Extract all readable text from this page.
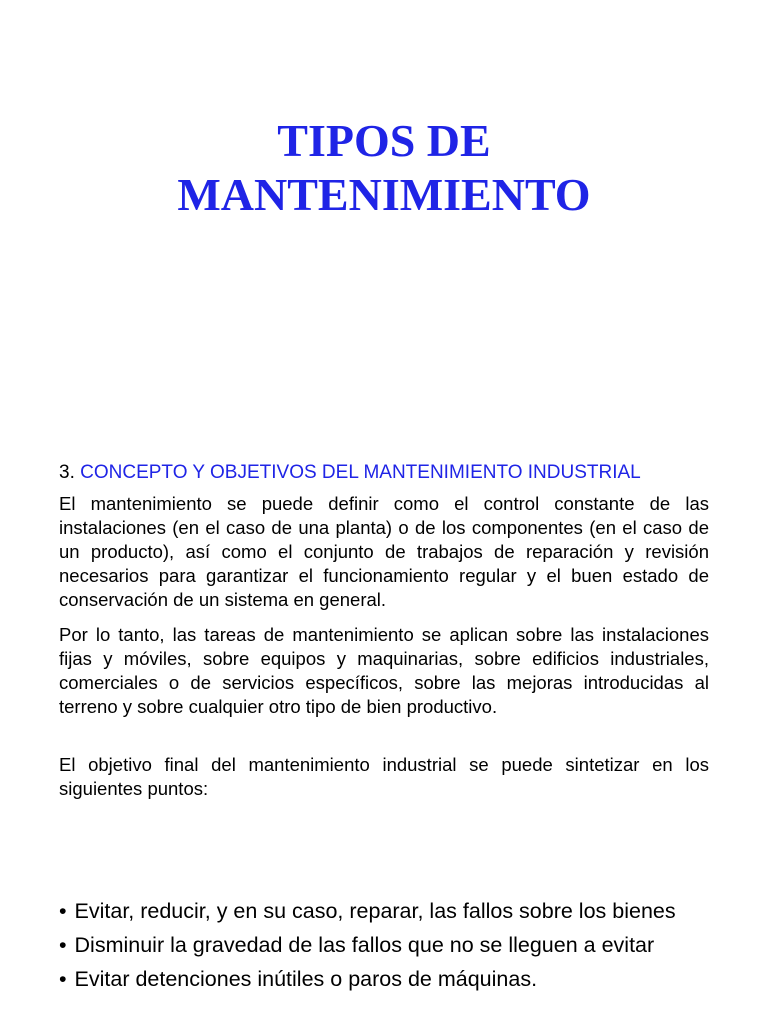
TIPOS DE
MANTENIMIENTO
3. CONCEPTO Y OBJETIVOS DEL MANTENIMIENTO INDUSTRIAL

El mantenimiento se puede definir como el control constante de las instalaciones (en el caso de una planta) o de los componentes (en el caso de un producto), así como el conjunto de trabajos de reparación y revisión necesarios para garantizar el funcionamiento regular y el buen estado de conservación de un sistema en general.

Por lo tanto, las tareas de mantenimiento se aplican sobre las instalaciones fijas y móviles, sobre equipos y maquinarias, sobre edificios industriales, comerciales o de servicios específicos, sobre las mejoras introducidas al terreno y sobre cualquier otro tipo de bien productivo.

El objetivo final del mantenimiento industrial se puede sintetizar en los siguientes puntos:

• Evitar, reducir, y en su caso, reparar, las fallos sobre los bienes
• Disminuir la gravedad de las fallos que no se lleguen a evitar
• Evitar detenciones inútiles o paros de máquinas.
